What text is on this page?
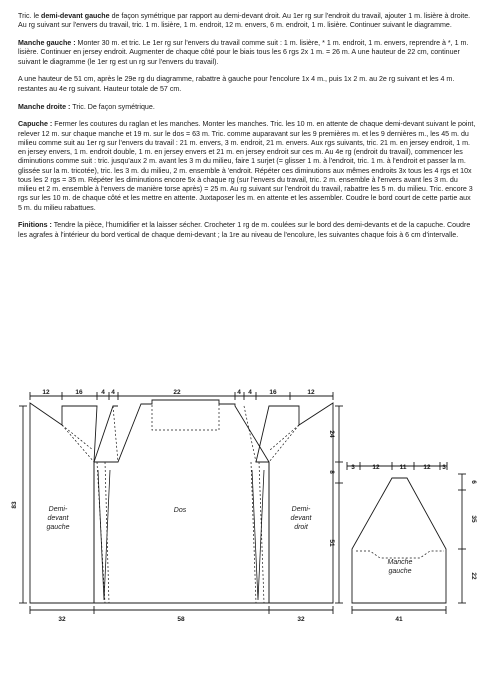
Tric. le demi-devant gauche de façon symétrique par rapport au demi-devant droit. Au 1er rg sur l'endroit du travail, ajouter 1 m. lisière à droite. Au rg suivant sur l'envers du travail, tric. 1 m. lisière, 1 m. endroit, 12 m. envers, 6 m. endroit, 1 m. lisière. Continuer suivant le diagramme.

Manche gauche : Monter 30 m. et tric. Le 1er rg sur l'envers du travail comme suit : 1 m. lisière, * 1 m. endroit, 1 m. envers, reprendre à *, 1 m. lisière. Continuer en jersey endroit. Augmenter de chaque côté pour le biais tous les 6 rgs 2x 1 m. = 26 m. A une hauteur de 22 cm, continuer suivant le diagramme (le 1er rg est un rg sur l'envers du travail).

A une hauteur de 51 cm, après le 29e rg du diagramme, rabattre à gauche pour l'encolure 1x 4 m., puis 1x 2 m. au 2e rg suivant et les 4 m. restantes au 4e rg suivant. Hauteur totale de 57 cm.

Manche droite : Tric. De façon symétrique.

Capuche : Fermer les coutures du raglan et les manches. Monter les manches. Tric. les 10 m. en attente de chaque demi-devant suivant le point, relever 12 m. sur chaque manche et 19 m. sur le dos = 63 m. Tric. comme auparavant sur les 9 premières m. et les 9 dernières m., les 45 m. du milieu comme suit au 1er rg sur l'envers du travail : 21 m. envers, 3 m. endroit, 21 m. envers. Aux rgs suivants, tric. 21 m. en jersey endroit, 1 m. en jersey envers, 1 m. endroit double, 1 m. en jersey envers et 21 m. en jersey endroit sur ces m. Au 4e rg (endroit du travail), commencer les diminutions comme suit : tric. jusqu'aux 2 m. avant les 3 m du milieu, faire 1 surjet (= glisser 1 m. à l'endroit, tric. 1 m. à l'endroit et passer la m. glissée sur la m. tricotée), tric. les 3 m. du milieu, 2 m. ensemble à 'endroit. Répéter ces diminutions aux mêmes endroits 3x tous les 4 rgs et 10x tous les 2 rgs = 35 m. Répéter les diminutions encore 5x à chaque rg (sur l'envers du travail, tric. 2 m. ensemble à l'envers avant les 3 m. du milieu et 2 m. ensemble à l'envers de manière torse après) = 25 m. Au rg suivant sur l'endroit du travail, rabattre les 5 m. du milieu. Tric. encore 3 rgs sur les 10 m. de chaque côté et les mettre en attente. Juxtaposer les m. en attente et les assembler. Coudre le bord court de cette partie aux 5 m. du milieu rabattues.

Finitions : Tendre la pièce, l'humidifier et la laisser sécher. Crocheter 1 rg de m. coulées sur le bord des demi-devants et de la capuche. Coudre les agrafes à l'intérieur du bord vertical de chaque demi-devant ; la 1re au niveau de l'encolure, les suivantes chaque fois à 6 cm d'intervalle.

12	16	4 4	22	4 4	16	12
24
8
51
83
32	58	32
Demi-
devant
gauche
Dos	Demi-
devant
droit
Manche
gauche
3	12	11	12 3
6
35
22
41
